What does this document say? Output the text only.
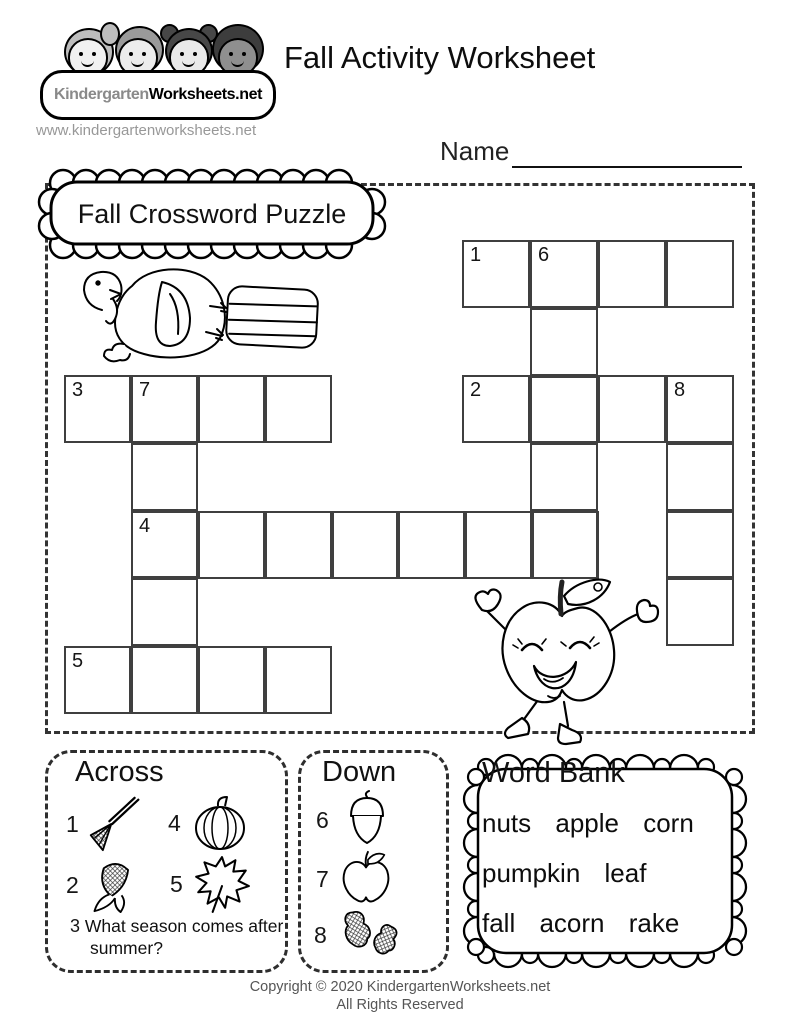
Kindergarten Worksheets.net
www.kindergartenworksheets.net
Fall Activity Worksheet
Name
Fall Crossword Puzzle
1	6
2	8
3	7
4
5
Across
1	4
2	5
3 What season comes after summer?
Down
6
7
8
Word Bank
nuts apple corn
pumpkin leaf
fall acorn rake
Copyright © 2020 KindergartenWorksheets.net
All Rights Reserved
